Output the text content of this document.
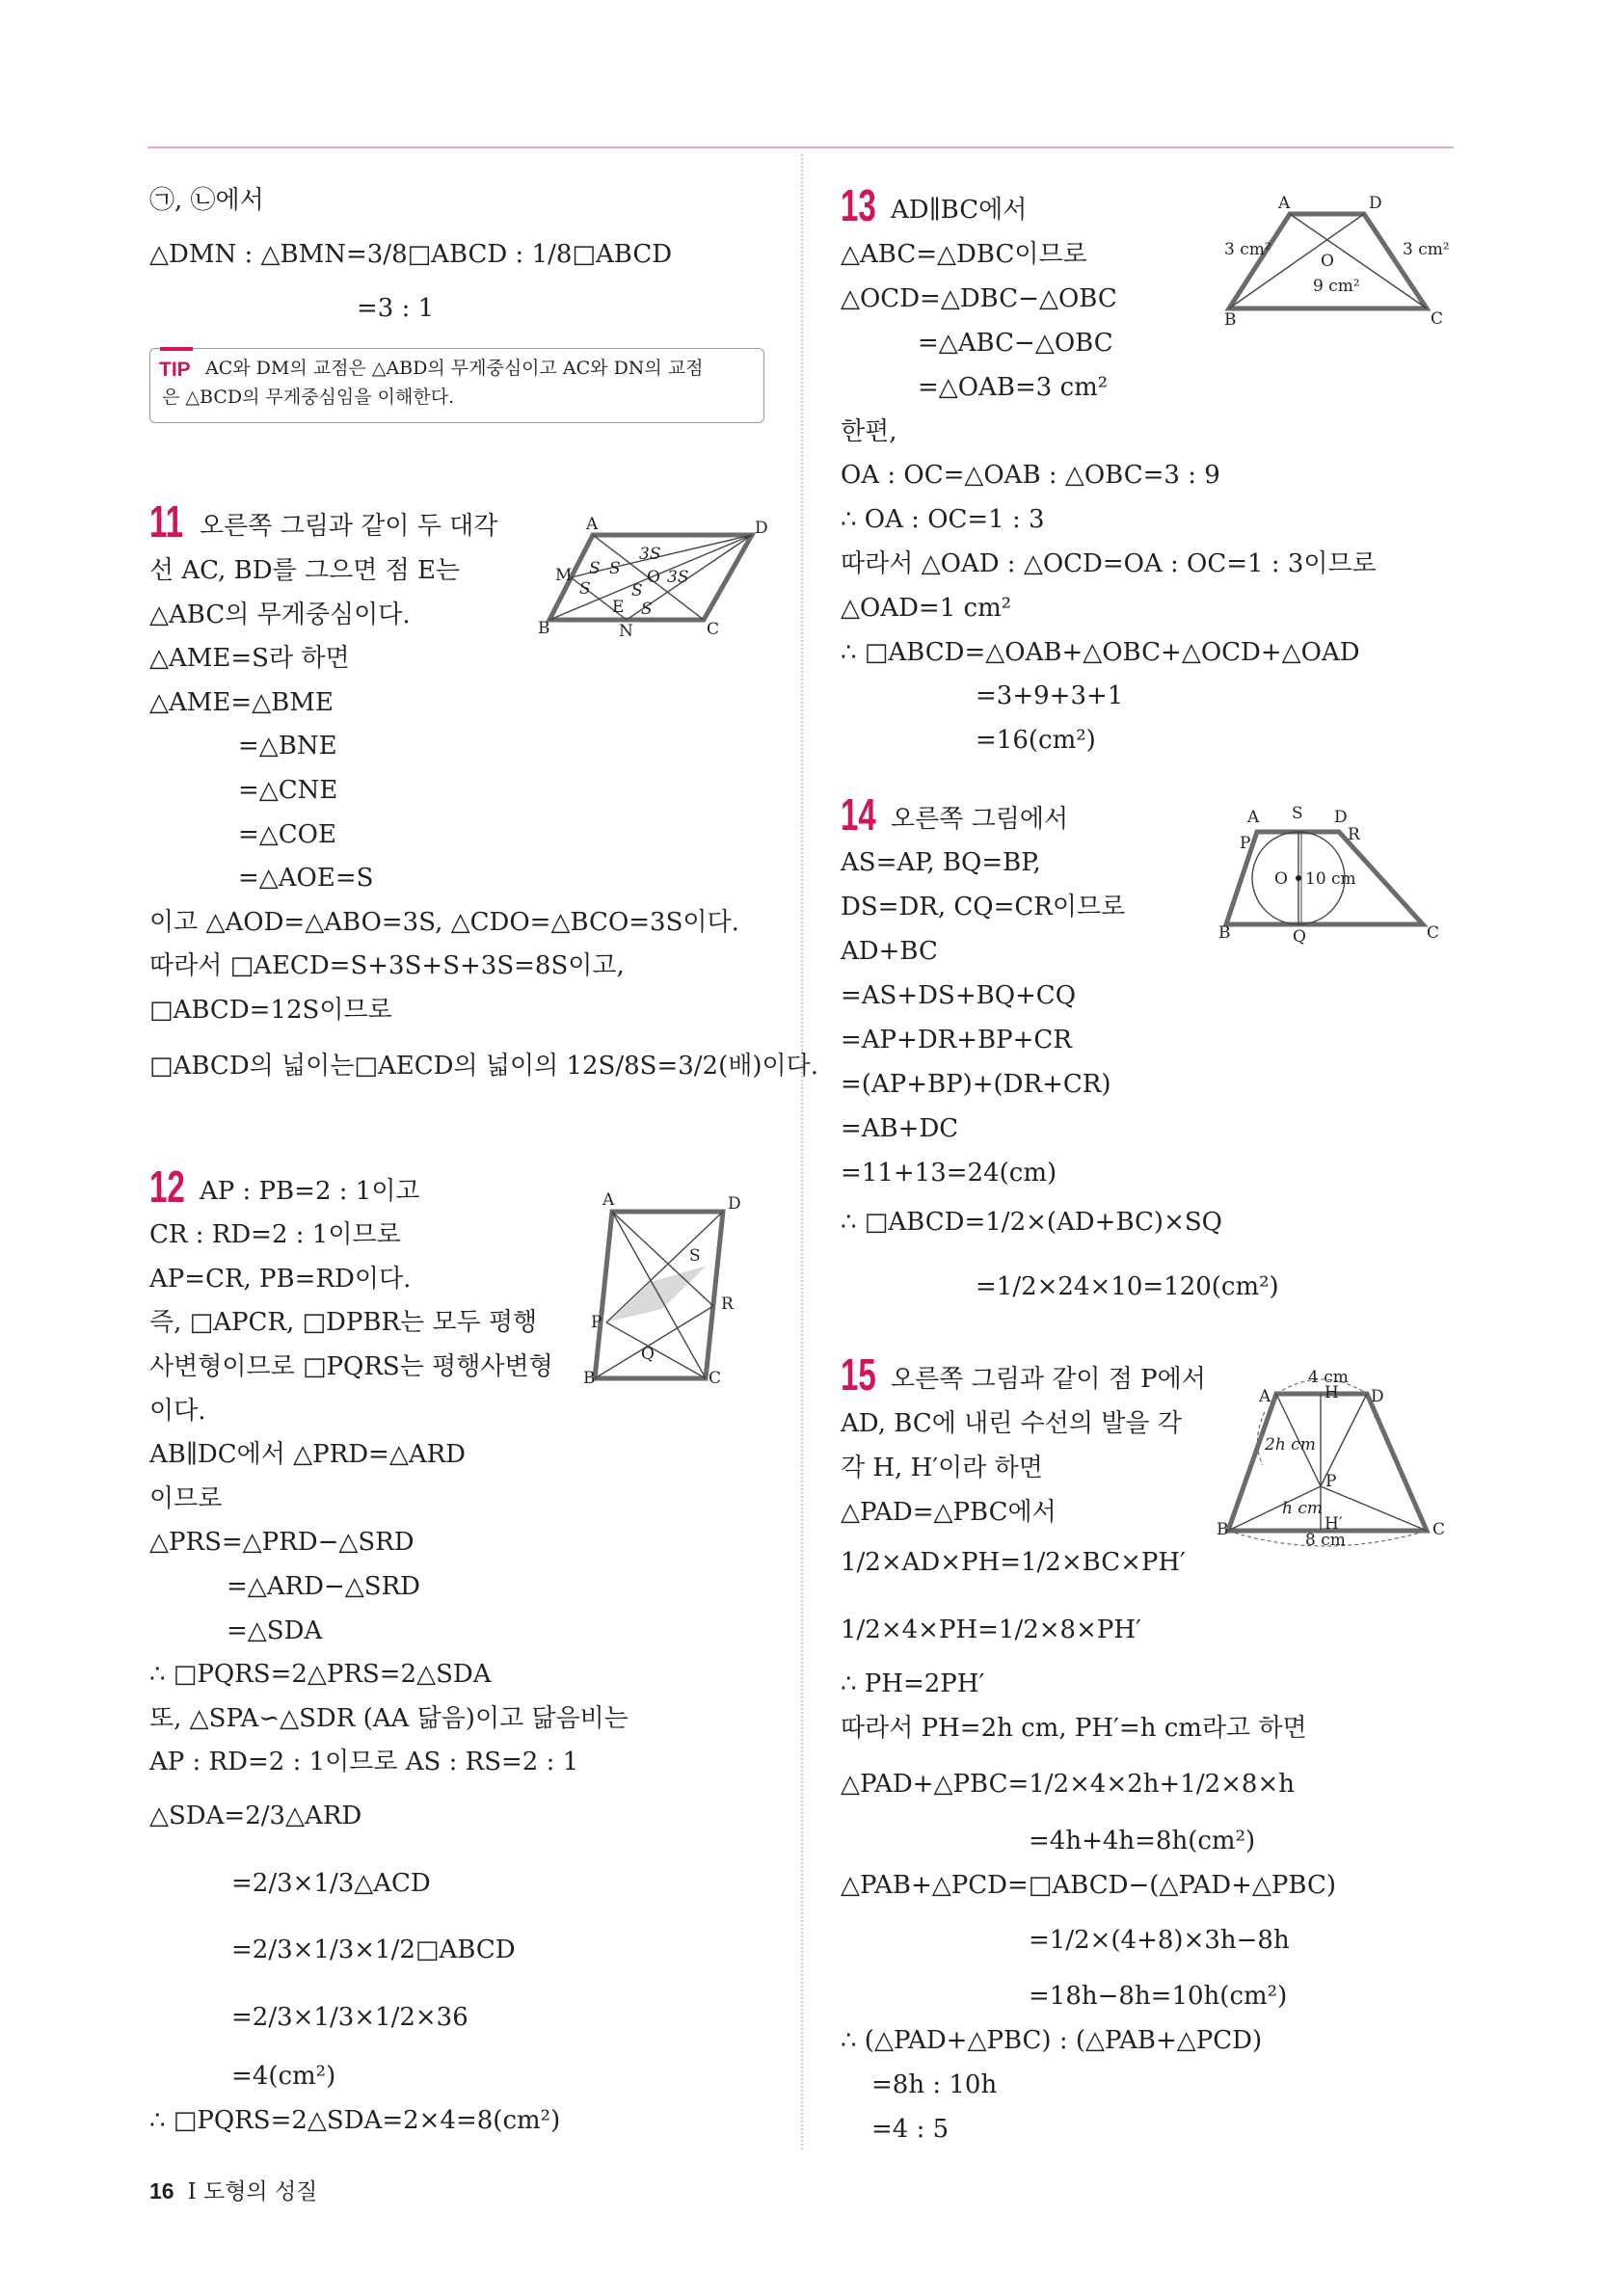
㉠, ㉡에서
△DMN : △BMN=3/8□ABCD : 1/8□ABCD
=3 : 1
TIP AC와 DM의 교점은 △ABD의 무게중심이고 AC와 DN의 교점
은 △BCD의 무게중심임을 이해한다.
11 오른쪽 그림과 같이 두 대각
선 AC, BD를 그으면 점 E는
△ABC의 무게중심이다.
△AME=S라 하면
△AME=△BME
=△BNE
=△CNE
=△COE
=△AOE=S
이고 △AOD=△ABO=3S, △CDO=△BCO=3S이다.
따라서 □AECD=S+3S+S+3S=8S이고,
□ABCD=12S이므로
□ABCD의 넓이는□AECD의 넓이의 12S/8S=3/2(배)이다.
A	D
B	C
M
N
E
O
3S
3S
S S
S S
S
12 AP : PB=2 : 1이고
CR : RD=2 : 1이므로
AP=CR, PB=RD이다.
즉, □APCR, □DPBR는 모두 평행
사변형이므로 □PQRS는 평행사변형
이다.
AB∥DC에서 △PRD=△ARD
이므로
△PRS=△PRD−△SRD
=△ARD−△SRD
=△SDA
∴ □PQRS=2△PRS=2△SDA
또, △SPA∽△SDR (AA 닮음)이고 닮음비는
AP : RD=2 : 1이므로 AS : RS=2 : 1
△SDA=2/3△ARD
=2/3×1/3△ACD
=2/3×1/3×1/2□ABCD
=2/3×1/3×1/2×36
=4(cm²)
∴ □PQRS=2△SDA=2×4=8(cm²)
A	D
B	C
P
Q
R
S
13 AD∥BC에서
△ABC=△DBC이므로
△OCD=△DBC−△OBC
=△ABC−△OBC
=△OAB=3 cm²
한편,
OA : OC=△OAB : △OBC=3 : 9
∴ OA : OC=1 : 3
따라서 △OAD : △OCD=OA : OC=1 : 3이므로
△OAD=1 cm²
∴ □ABCD=△OAB+△OBC+△OCD+△OAD
=3+9+3+1
=16(cm²)
A	D
B	C
O
3 cm²	3 cm²
9 cm²
14 오른쪽 그림에서
AS=AP, BQ=BP,
DS=DR, CQ=CR이므로
AD+BC
=AS+DS+BQ+CQ
=AP+DR+BP+CR
=(AP+BP)+(DR+CR)
=AB+DC
=11+13=24(cm)
∴ □ABCD=1/2×(AD+BC)×SQ
=1/2×24×10=120(cm²)
A S D
P	R
O 10 cm
B	Q	C
15 오른쪽 그림과 같이 점 P에서
AD, BC에 내린 수선의 발을 각
각 H, H′이라 하면
△PAD=△PBC에서
1/2×AD×PH=1/2×BC×PH′
1/2×4×PH=1/2×8×PH′
∴ PH=2PH′
따라서 PH=2h cm, PH′=h cm라고 하면
△PAD+△PBC=1/2×4×2h+1/2×8×h
=4h+4h=8h(cm²)
△PAB+△PCD=□ABCD−(△PAD+△PBC)
=1/2×(4+8)×3h−8h
=18h−8h=10h(cm²)
∴ (△PAD+△PBC) : (△PAB+△PCD)
=8h : 10h
=4 : 5
4 cm
A	H D
2h cm
P
h cm
B	H′	C
8 cm
16 Ⅰ 도형의 성질
